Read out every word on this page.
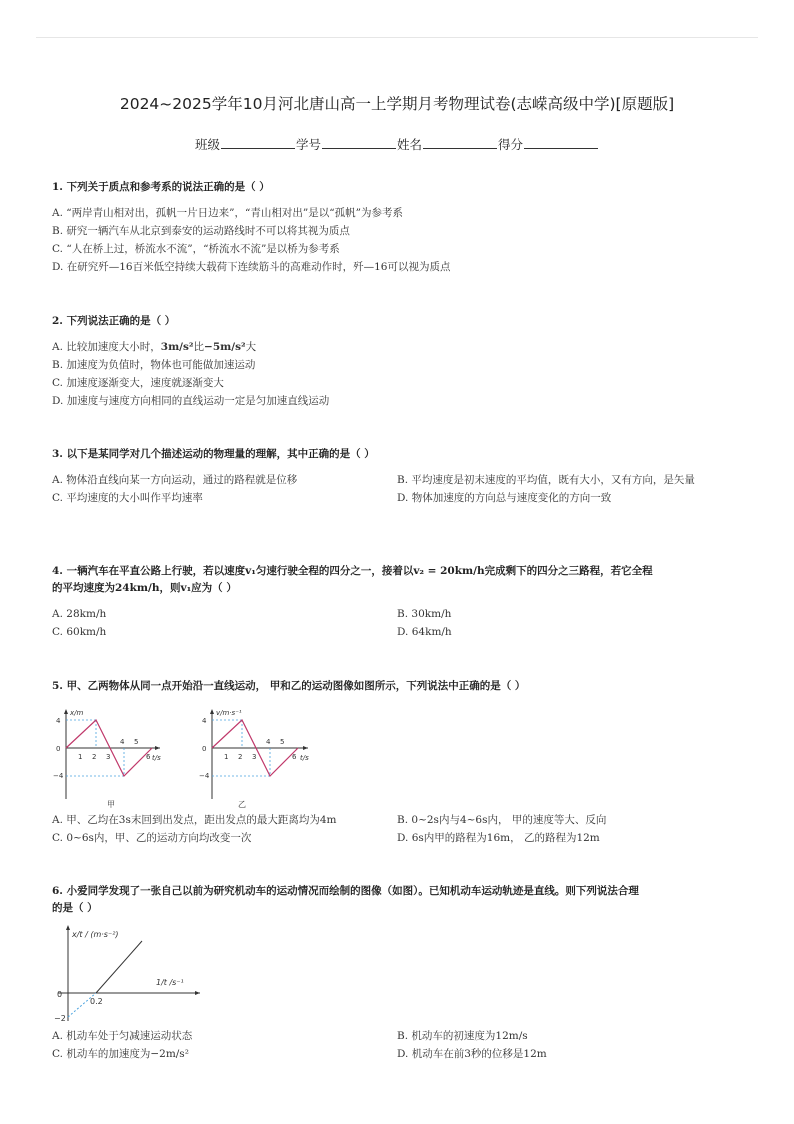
2024~2025学年10月河北唐山高一上学期月考物理试卷(志嵘高级中学)[原题版]
班级	学号	姓名	得分
1. 下列关于质点和参考系的说法正确的是（ ）
A. “两岸青山相对出，孤帆一片日边来”，“青山相对出”是以“孤帆”为参考系
B. 研究一辆汽车从北京到泰安的运动路线时不可以将其视为质点
C. “人在桥上过，桥流水不流”，“桥流水不流”是以桥为参考系
D. 在研究歼—16百米低空持续大载荷下连续筋斗的高难动作时，歼—16可以视为质点
2. 下列说法正确的是（ ）
A. 比较加速度大小时，3m/s²比−5m/s²大
B. 加速度为负值时，物体也可能做加速运动
C. 加速度逐渐变大，速度就逐渐变大
D. 加速度与速度方向相同的直线运动一定是匀加速直线运动
3. 以下是某同学对几个描述运动的物理量的理解，其中正确的是（ ）
A. 物体沿直线向某一方向运动，通过的路程就是位移	B. 平均速度是初末速度的平均值，既有大小，又有方向，是矢量
C. 平均速度的大小叫作平均速率	D. 物体加速度的方向总与速度变化的方向一致
4. 一辆汽车在平直公路上行驶，若以速度v₁匀速行驶全程的四分之一，接着以v₂ = 20km/h完成剩下的四分之三路程，若它全程
的平均速度为24km/h，则v₁应为（ ）
A. 28km/h	B. 30km/h
C. 60km/h	D. 64km/h
5. 甲、乙两物体从同一点开始沿一直线运动， 甲和乙的运动图像如图所示，下列说法中正确的是（ ）
x/m
t/s
4
0
−4
1 2 3
4 5
6
甲
v/m·s⁻¹
t/s
4
0
−4
1 2 3
4 5
6
乙
A. 甲、乙均在3s末回到出发点，距出发点的最大距离均为4m	B. 0~2s内与4~6s内， 甲的速度等大、反向
C. 0~6s内，甲、乙的运动方向均改变一次	D. 6s内甲的路程为16m， 乙的路程为12m
6. 小爱同学发现了一张自己以前为研究机动车的运动情况而绘制的图像（如图）。已知机动车运动轨迹是直线。则下列说法合理
的是（ ）
x/t / (m·s⁻²)
1/t /s⁻¹
0
0.2
−2
A. 机动车处于匀减速运动状态	B. 机动车的初速度为12m/s
C. 机动车的加速度为−2m/s²	D. 机动车在前3秒的位移是12m
